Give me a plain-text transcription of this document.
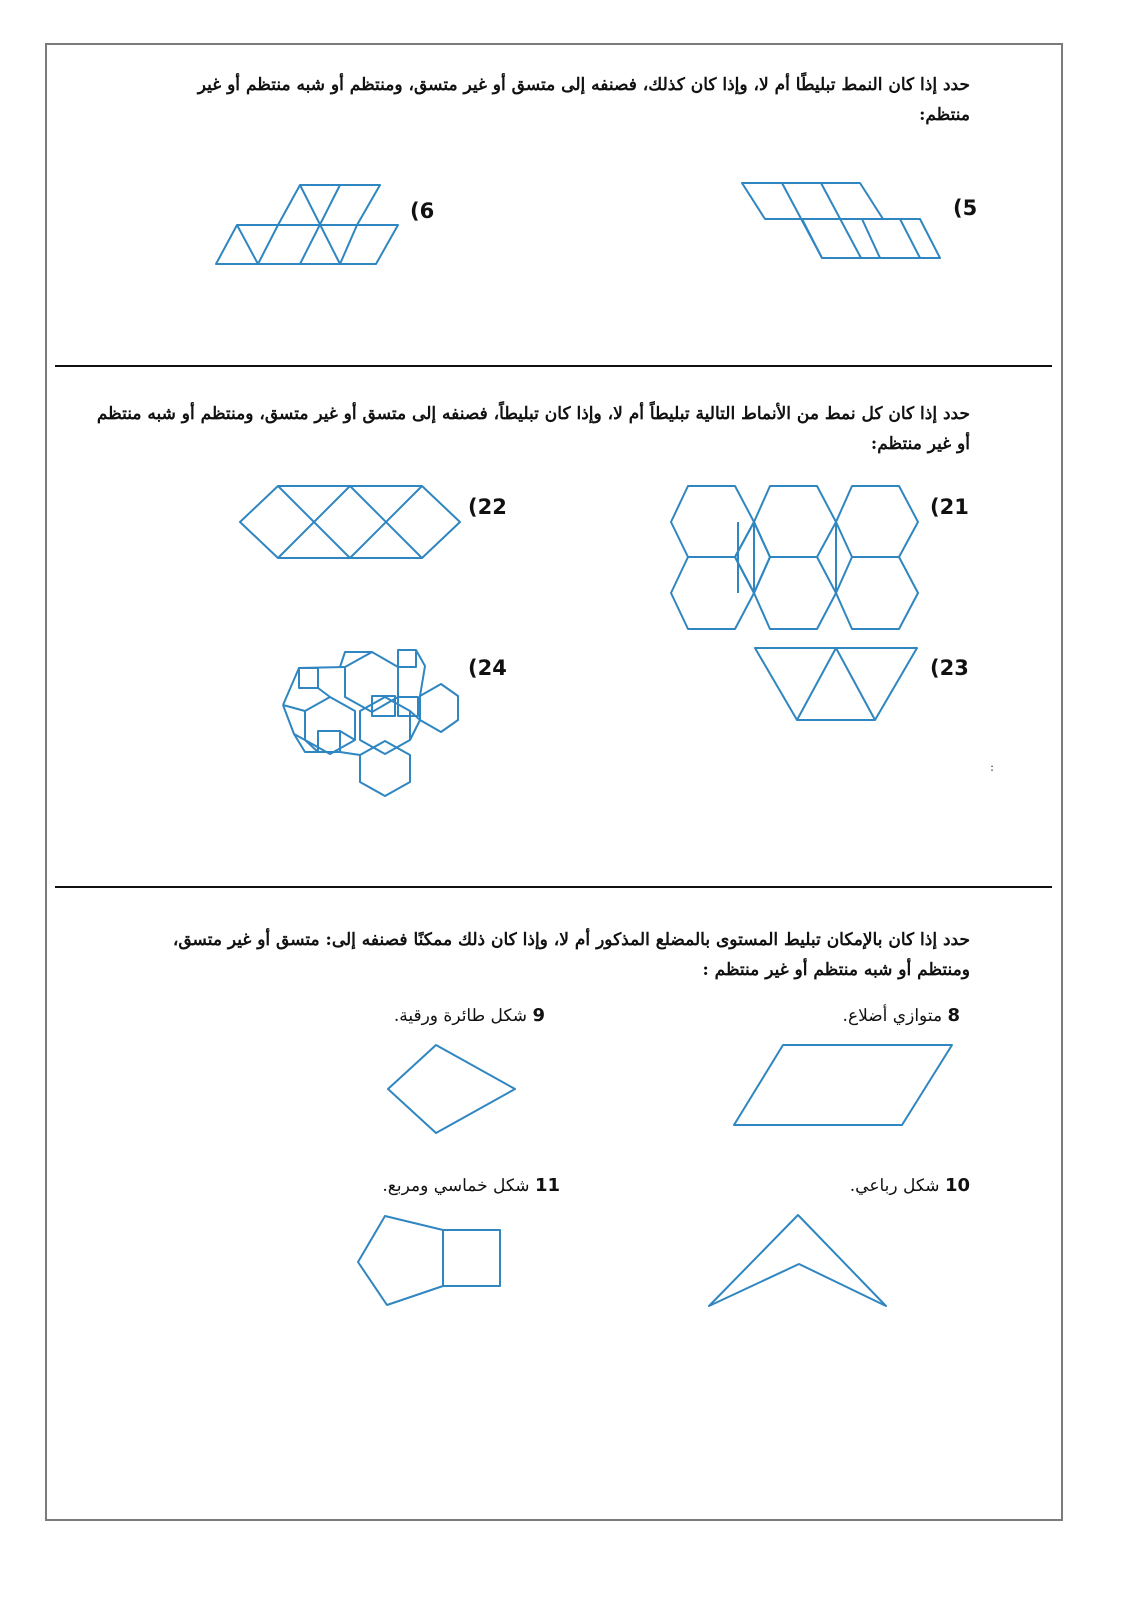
حدد إذا كان النمط تبليطًا أم لا، وإذا كان كذلك، فصنفه إلى متسق أو غير متسق، ومنتظم أو شبه منتظم أو غير منتظم:
(5
(6
حدد إذا كان كل نمط من الأنماط التالية تبليطاً أم لا، وإذا كان تبليطاً، فصنفه إلى متسق أو غير متسق، ومنتظم أو شبه منتظم أو غير منتظم:
(21
(22
(23
(24
:
حدد إذا كان بالإمكان تبليط المستوى بالمضلع المذكور أم لا، وإذا كان ذلك ممكنًا فصنفه إلى: متسق أو غير متسق، ومنتظم أو شبه منتظم أو غير منتظم :
8 متوازي أضلاع.
9 شكل طائرة ورقية.
10 شكل رباعي.
11 شكل خماسي ومربع.
